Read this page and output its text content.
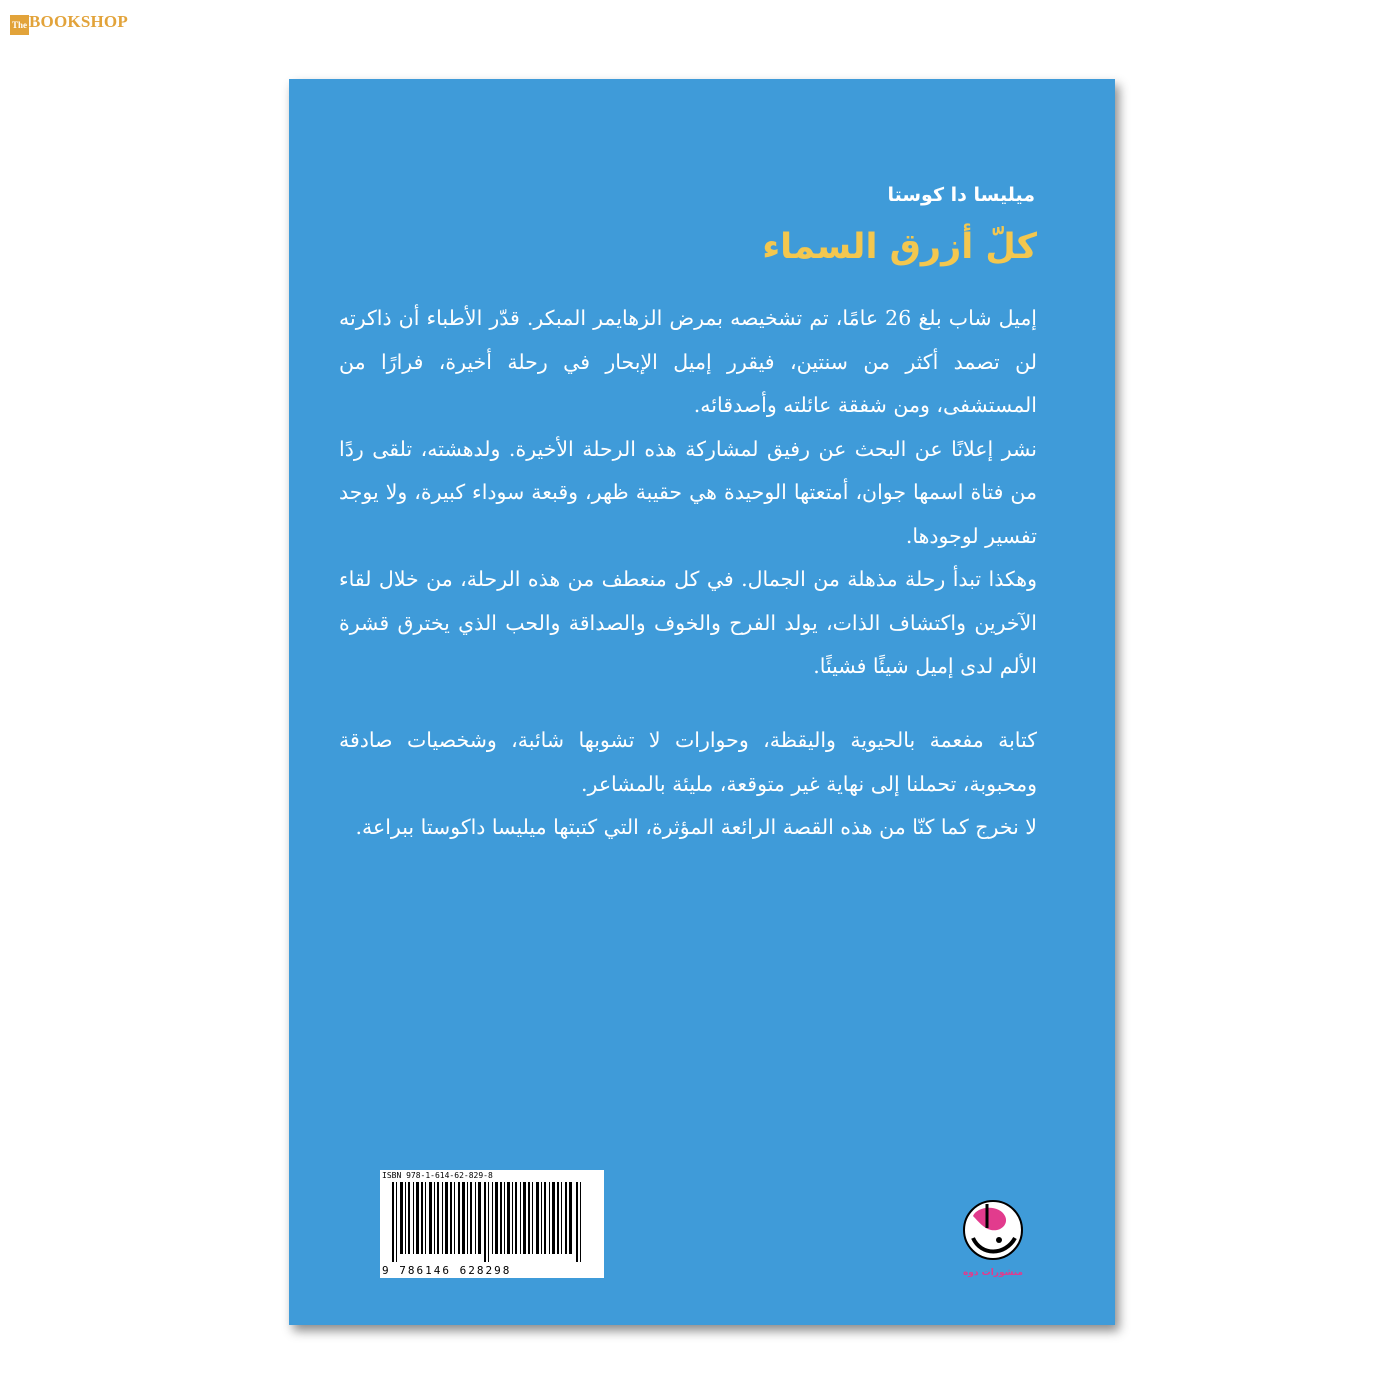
The BOOKSHOP
ميليسا دا كوستا
كلّ أزرق السماء

إميل شاب بلغ 26 عامًا، تم تشخيصه بمرض الزهايمر المبكر. قدّر الأطباء أن ذاكرته لن تصمد أكثر من سنتين، فيقرر إميل الإبحار في رحلة أخيرة، فرارًا من المستشفى، ومن شفقة عائلته وأصدقائه.

نشر إعلانًا عن البحث عن رفيق لمشاركة هذه الرحلة الأخيرة. ولدهشته، تلقى ردًا من فتاة اسمها جوان، أمتعتها الوحيدة هي حقيبة ظهر، وقبعة سوداء كبيرة، ولا يوجد تفسير لوجودها.

وهكذا تبدأ رحلة مذهلة من الجمال. في كل منعطف من هذه الرحلة، من خلال لقاء الآخرين واكتشاف الذات، يولد الفرح والخوف والصداقة والحب الذي يخترق قشرة الألم لدى إميل شيئًا فشيئًا.

كتابة مفعمة بالحيوية واليقظة، وحوارات لا تشوبها شائبة، وشخصيات صادقة ومحبوبة، تحملنا إلى نهاية غير متوقعة، مليئة بالمشاعر.

لا نخرج كما كنّا من هذه القصة الرائعة المؤثرة، التي كتبتها ميليسا داكوستا ببراعة.

ISBN 978-1-614-62-829-8
9 786146 628298	منشورات دوه
